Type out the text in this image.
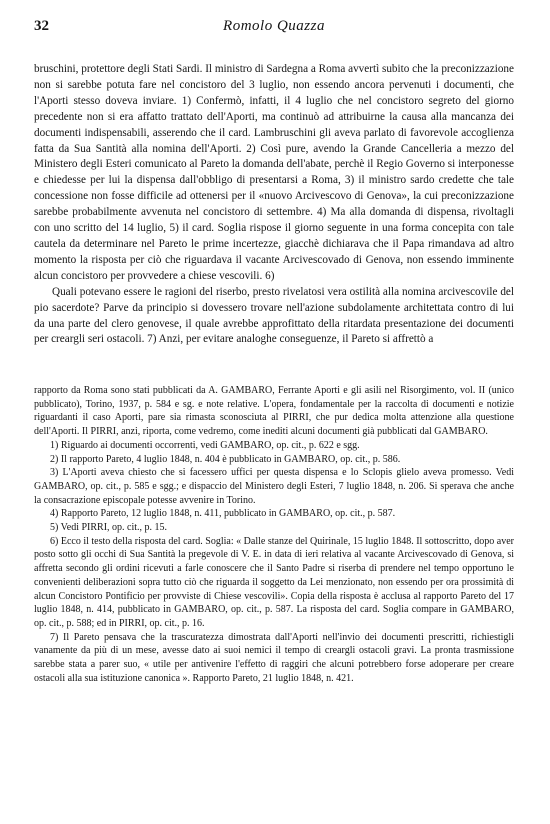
32	Romolo Quazza

bruschini, protettore degli Stati Sardi. Il ministro di Sardegna a Roma avvertì subito che la preconizzazione non si sarebbe potuta fare nel concistoro del 3 luglio, non essendo ancora pervenuti i documenti, che l'Aporti stesso doveva inviare. 1) Confermò, infatti, il 4 luglio che nel concistoro segreto del giorno precedente non si era affatto trattato dell'Aporti, ma continuò ad attribuirne la causa alla mancanza dei documenti indispensabili, asserendo che il card. Lambruschini gli aveva parlato di favorevole accoglienza fatta da Sua Santità alla nomina dell'Aporti. 2) Così pure, avendo la Grande Cancelleria a mezzo del Ministero degli Esteri comunicato al Pareto la domanda dell'abate, perchè il Regio Governo si interponesse e chiedesse per lui la dispensa dall'obbligo di presentarsi a Roma, 3) il ministro sardo credette che tale concessione non fosse difficile ad ottenersi per il «nuovo Arcivescovo di Genova», la cui preconizzazione sarebbe probabilmente avvenuta nel concistoro di settembre. 4) Ma alla domanda di dispensa, rivoltagli con uno scritto del 14 luglio, 5) il card. Soglia rispose il giorno seguente in una forma concepita con tale cautela da determinare nel Pareto le prime incertezze, giacchè dichiarava che il Papa rimandava ad altro momento la risposta per ciò che riguardava il vacante Arcivescovado di Genova, non essendo imminente alcun concistoro per provvedere a chiese vescovili. 6)

Quali potevano essere le ragioni del riserbo, presto rivelatosi vera ostilità alla nomina arcivescovile del pio sacerdote? Parve da principio si dovessero trovare nell'azione subdolamente architettata contro di lui da una parte del clero genovese, il quale avrebbe approfittato della ritardata presentazione dei documenti per creargli seri ostacoli. 7) Anzi, per evitare analoghe conseguenze, il Pareto si affrettò a

rapporto da Roma sono stati pubblicati da A. GAMBARO, Ferrante Aporti e gli asili nel Risorgimento, vol. II (unico pubblicato), Torino, 1937, p. 584 e sg. e note relative. L'opera, fondamentale per la raccolta di documenti e notizie riguardanti il caso Aporti, pare sia rimasta sconosciuta al PIRRI, che pur dedica molta attenzione alla questione dell'Aporti. Il PIRRI, anzi, riporta, come vedremo, come inediti alcuni documenti già pubblicati dal GAMBARO.

1) Riguardo ai documenti occorrenti, vedi GAMBARO, op. cit., p. 622 e sgg.

2) Il rapporto Pareto, 4 luglio 1848, n. 404 è pubblicato in GAMBARO, op. cit., p. 586.

3) L'Aporti aveva chiesto che si facessero uffici per questa dispensa e lo Sclopis glielo aveva promesso. Vedi GAMBARO, op. cit., p. 585 e sgg.; e dispaccio del Ministero degli Esteri, 7 luglio 1848, n. 206. Si sperava che anche la consacrazione episcopale potesse avvenire in Torino.

4) Rapporto Pareto, 12 luglio 1848, n. 411, pubblicato in GAMBARO, op. cit., p. 587.

5) Vedi PIRRI, op. cit., p. 15.

6) Ecco il testo della risposta del card. Soglia: « Dalle stanze del Quirinale, 15 luglio 1848. Il sottoscritto, dopo aver posto sotto gli occhi di Sua Santità la pregevole di V. E. in data di ieri relativa al vacante Arcivescovado di Genova, si affretta secondo gli ordini ricevuti a farle conoscere che il Santo Padre si riserba di prendere nel tempo opportuno le convenienti deliberazioni sopra tutto ciò che riguarda il soggetto da Lei menzionato, non essendo per ora prossimità di alcun Concistoro Pontificio per provviste di Chiese vescovili». Copia della risposta è acclusa al rapporto Pareto del 17 luglio 1848, n. 414, pubblicato in GAMBARO, op. cit., p. 587. La risposta del card. Soglia compare in GAMBARO, op. cit., p. 588; ed in PIRRI, op. cit., p. 16.

7) Il Pareto pensava che la trascuratezza dimostrata dall'Aporti nell'invio dei documenti prescritti, richiestigli vanamente da più di un mese, avesse dato ai suoi nemici il tempo di creargli ostacoli gravi. La pronta trasmissione sarebbe stata a parer suo, « utile per antivenire l'effetto di raggiri che alcuni potrebbero forse adoperare per creare ostacoli alla sua istituzione canonica ». Rapporto Pareto, 21 luglio 1848, n. 421.
